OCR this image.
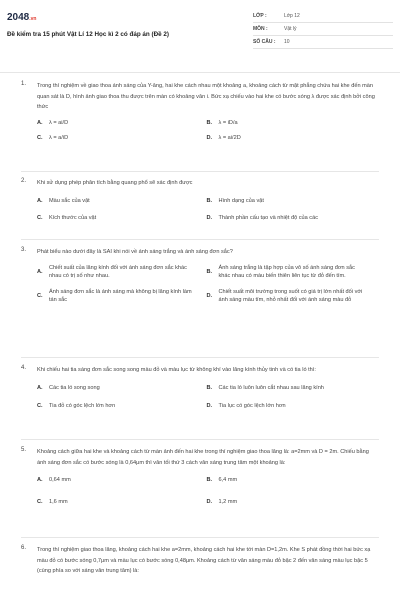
2048.vn
Đề kiểm tra 15 phút Vật Lí 12 Học kì 2 có đáp án (Đề 2)
LỚP :	Lớp 12
MÔN :	Vật lý
SỐ CÂU :	10
1. Trong thí nghiệm về giao thoa ánh sáng của Y-âng, hai khe cách nhau một khoảng a, khoảng cách từ mặt phẳng chứa hai khe đến màn quan sát là D, hình ảnh giao thoa thu được trên màn có khoảng vân i. Bức xạ chiếu vào hai khe có bước sóng λ được xác định bởi công thức
A.	λ = ai/D	B.	λ = iD/a
C.	λ = a/iD	D.	λ = ai/2D
2. Khi sử dụng phép phân tích bằng quang phổ sẽ xác định được
A.	Màu sắc của vật	B.	Hình dạng của vật
C.	Kích thước của vật	D.	Thành phần cấu tạo và nhiệt độ của các
3. Phát biểu nào dưới đây là SAI khi nói về ánh sáng trắng và ánh sáng đơn sắc?
A.
Chiết suất của lăng kính đối với ánh sáng đơn sắc khác nhau có trị số như nhau.
B.
Ánh sáng trắng là tập hợp của vô số ánh sáng đơn sắc khác nhau có màu biến thiên liên tục từ đỏ đến tím.
C.
Ánh sáng đơn sắc là ánh sáng mà không bị lăng kính làm tán sắc
D.
Chiết suất môi trường trong suốt có giá trị lớn nhất đối với ánh sáng màu tím, nhỏ nhất đối với ánh sáng màu đỏ
4. Khi chiếu hai tia sáng đơn sắc song song màu đỏ và màu lục từ không khí vào lăng kính thủy tinh và có tia ló thì:
A.	Các tia ló song song	B.	Các tia ló luôn luôn cắt nhau sau lăng kính
C.	Tia đỏ có góc lệch lớn hơn	D.	Tia lục có góc lệch lớn hơn
5. Khoảng cách giữa hai khe và khoảng cách từ màn ảnh đến hai khe trong thí nghiệm giao thoa lăng là: a=2mm và D = 2m. Chiếu bằng ánh sáng đơn sắc có bước sóng là 0,64μm thì vân tối thứ 3 cách vân sáng trung tâm một khoảng là:
A.	0,64 mm	B.	6,4 mm
C.	1,6 mm	D.	1,2 mm
6. Trong thí nghiệm giao thoa lăng, khoảng cách hai khe a=2mm, khoảng cách hai khe tới màn D=1,2m. Khe S phát đồng thời hai bức xạ màu đỏ có bước sóng 0,7μm và màu lục có bước sóng 0,48μm. Khoảng cách từ vân sáng màu đỏ bậc 2 đến vân sáng màu lục bậc 5 (cùng phía so với sáng vân trung tâm) là:
